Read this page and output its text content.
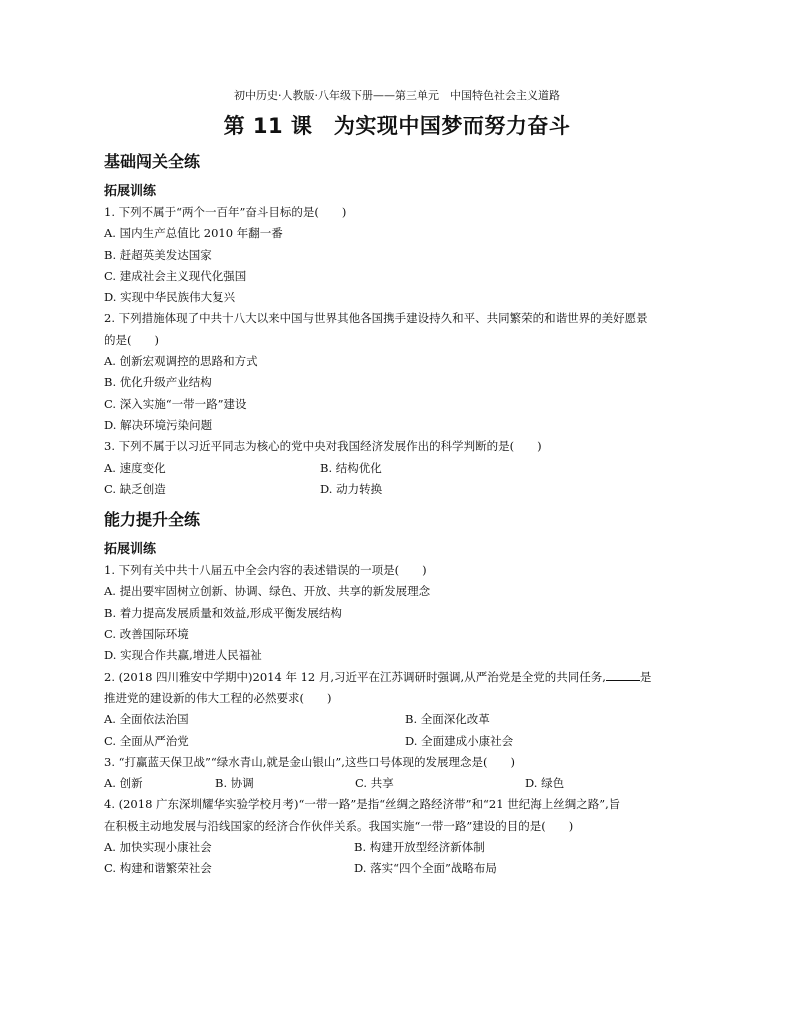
初中历史·人教版·八年级下册——第三单元　中国特色社会主义道路
第 11 课　为实现中国梦而努力奋斗
基础闯关全练
拓展训练
1. 下列不属于“两个一百年”奋斗目标的是(　　)
A. 国内生产总值比 2010 年翻一番
B. 赶超英美发达国家
C. 建成社会主义现代化强国
D. 实现中华民族伟大复兴
2. 下列措施体现了中共十八大以来中国与世界其他各国携手建设持久和平、共同繁荣的和谐世界的美好愿景
的是(　　)
A. 创新宏观调控的思路和方式
B. 优化升级产业结构
C. 深入实施“一带一路”建设
D. 解决环境污染问题
3. 下列不属于以习近平同志为核心的党中央对我国经济发展作出的科学判断的是(　　)
A. 速度变化	B. 结构优化
C. 缺乏创造	D. 动力转换
能力提升全练
拓展训练
1. 下列有关中共十八届五中全会内容的表述错误的一项是(　　)
A. 提出要牢固树立创新、协调、绿色、开放、共享的新发展理念
B. 着力提高发展质量和效益,形成平衡发展结构
C. 改善国际环境
D. 实现合作共赢,增进人民福祉
2. (2018 四川雅安中学期中)2014 年 12 月,习近平在江苏调研时强调,从严治党是全党的共同任务,	是
推进党的建设新的伟大工程的必然要求(　　)
A. 全面依法治国	B. 全面深化改革
C. 全面从严治党	D. 全面建成小康社会
3. “打赢蓝天保卫战”“绿水青山,就是金山银山”,这些口号体现的发展理念是(　　)
A. 创新	B. 协调	C. 共享	D. 绿色
4. (2018 广东深圳耀华实验学校月考)“一带一路”是指“丝绸之路经济带”和“21 世纪海上丝绸之路”,旨
在积极主动地发展与沿线国家的经济合作伙伴关系。我国实施“一带一路”建设的目的是(　　)
A. 加快实现小康社会	B. 构建开放型经济新体制
C. 构建和谐繁荣社会	D. 落实“四个全面”战略布局
